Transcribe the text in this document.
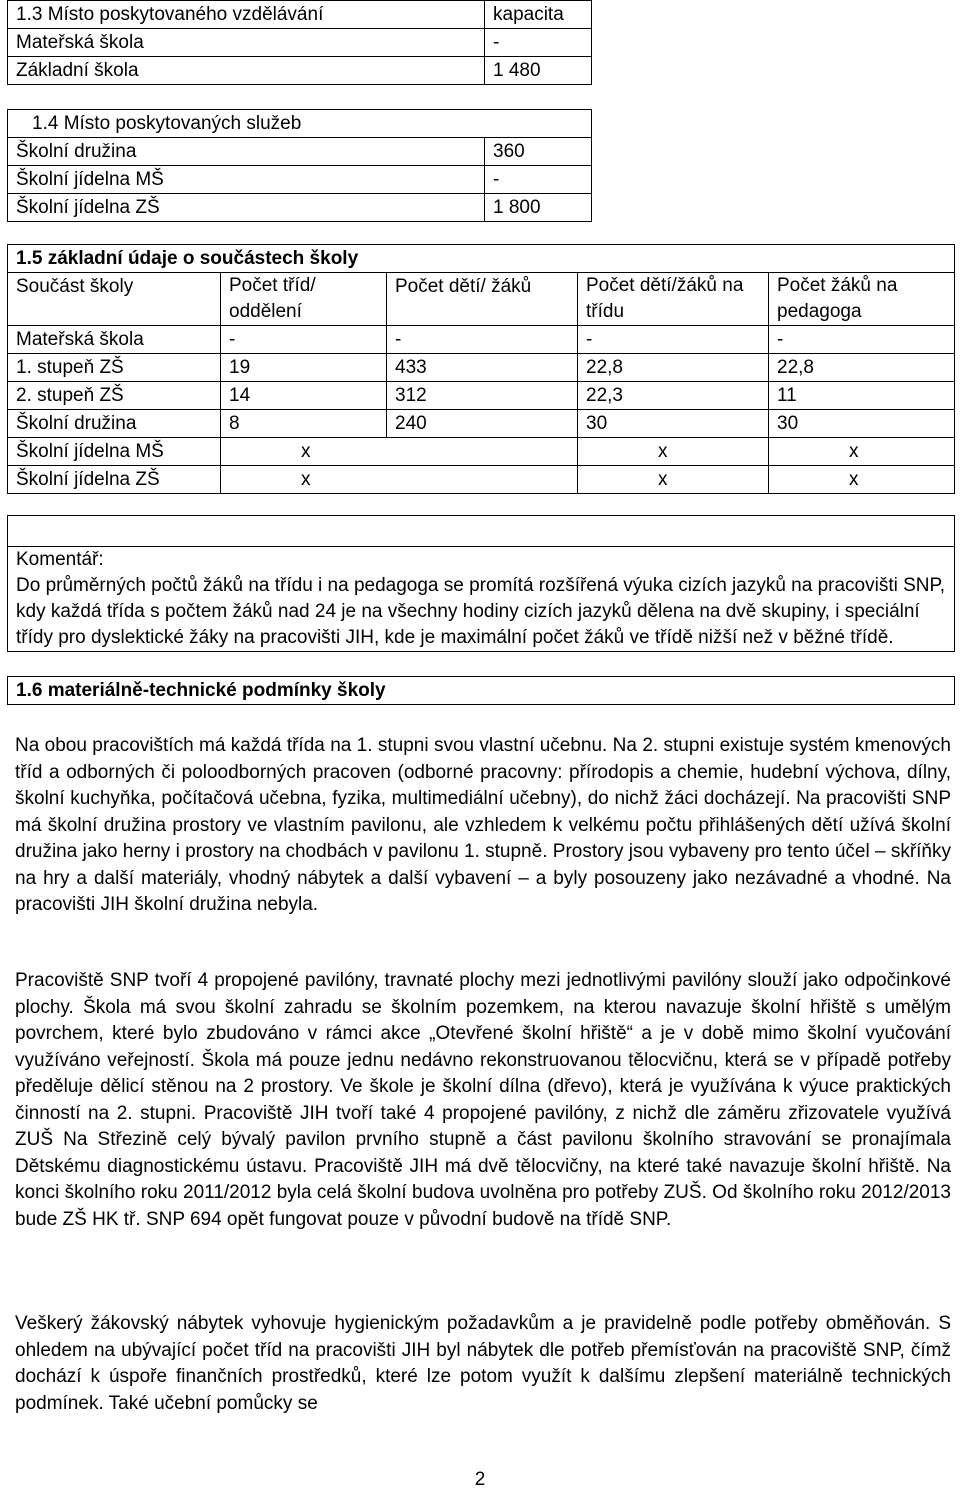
1.3 Místo poskytovaného vzdělávání	kapacita
Mateřská škola	-
Základní škola	1 480
1.4 Místo poskytovaných služeb	
Školní družina	360
Školní jídelna MŠ	-
Školní jídelna ZŠ	1 800
1.5 základní údaje o součástech školy				
Součást školy	Počet tříd/ oddělení	Počet dětí/ žáků	Počet dětí/žáků na třídu	Počet žáků na pedagoga
Mateřská škola	-	-	-	-
1. stupeň ZŠ	19	433	22,8	22,8
2. stupeň ZŠ	14	312	22,3	11
Školní družina	8	240	30	30
Školní jídelna MŠ	x		x	x
Školní jídelna ZŠ	x		x	x

Komentář:
Do průměrných počtů žáků na třídu i na pedagoga se promítá rozšířená výuka cizích jazyků na pracovišti SNP, kdy každá třída s počtem žáků nad 24 je na všechny hodiny cizích jazyků dělena na dvě skupiny, i speciální třídy pro dyslektické žáky na pracovišti JIH, kde je maximální počet žáků ve třídě nižší než v běžné třídě.
1.6 materiálně-technické podmínky školy
Na obou pracovištích má každá třída na 1. stupni svou vlastní učebnu. Na 2. stupni existuje systém kmenových tříd a odborných či poloodborných pracoven (odborné pracovny: přírodopis a chemie, hudební výchova, dílny, školní kuchyňka, počítačová učebna, fyzika, multimediální učebny), do nichž žáci docházejí. Na pracovišti SNP má školní družina prostory ve vlastním pavilonu, ale vzhledem k velkému počtu přihlášených dětí užívá školní družina jako herny i prostory na chodbách v pavilonu 1. stupně. Prostory jsou vybaveny pro tento účel – skříňky na hry a další materiály, vhodný nábytek a další vybavení – a byly posouzeny jako nezávadné a vhodné. Na pracovišti JIH školní družina nebyla.
Pracoviště SNP tvoří 4 propojené pavilóny, travnaté plochy mezi jednotlivými pavilóny slouží jako odpočinkové plochy. Škola má svou školní zahradu se školním pozemkem, na kterou navazuje školní hřiště s umělým povrchem, které bylo zbudováno v rámci akce „Otevřené školní hřiště“ a je v době mimo školní vyučování využíváno veřejností. Škola má pouze jednu nedávno rekonstruovanou tělocvičnu, která se v případě potřeby předěluje dělicí stěnou na 2 prostory. Ve škole je školní dílna (dřevo), která je využívána k výuce praktických činností na 2. stupni. Pracoviště JIH tvoří také 4 propojené pavilóny, z nichž dle záměru zřizovatele využívá ZUŠ Na Střezině celý bývalý pavilon prvního stupně a část pavilonu školního stravování se pronajímala Dětskému diagnostickému ústavu. Pracoviště JIH má dvě tělocvičny, na které také navazuje školní hřiště. Na konci školního roku 2011/2012 byla celá školní budova uvolněna pro potřeby ZUŠ. Od školního roku 2012/2013 bude ZŠ HK tř. SNP 694 opět fungovat pouze v původní budově na třídě SNP.
Veškerý žákovský nábytek vyhovuje hygienickým požadavkům a je pravidelně podle potřeby obměňován. S ohledem na ubývající počet tříd na pracovišti JIH byl nábytek dle potřeb přemísťován na pracoviště SNP, čímž dochází k úspoře finančních prostředků, které lze potom využít k dalšímu zlepšení materiálně technických podmínek. Také učební pomůcky se
2
